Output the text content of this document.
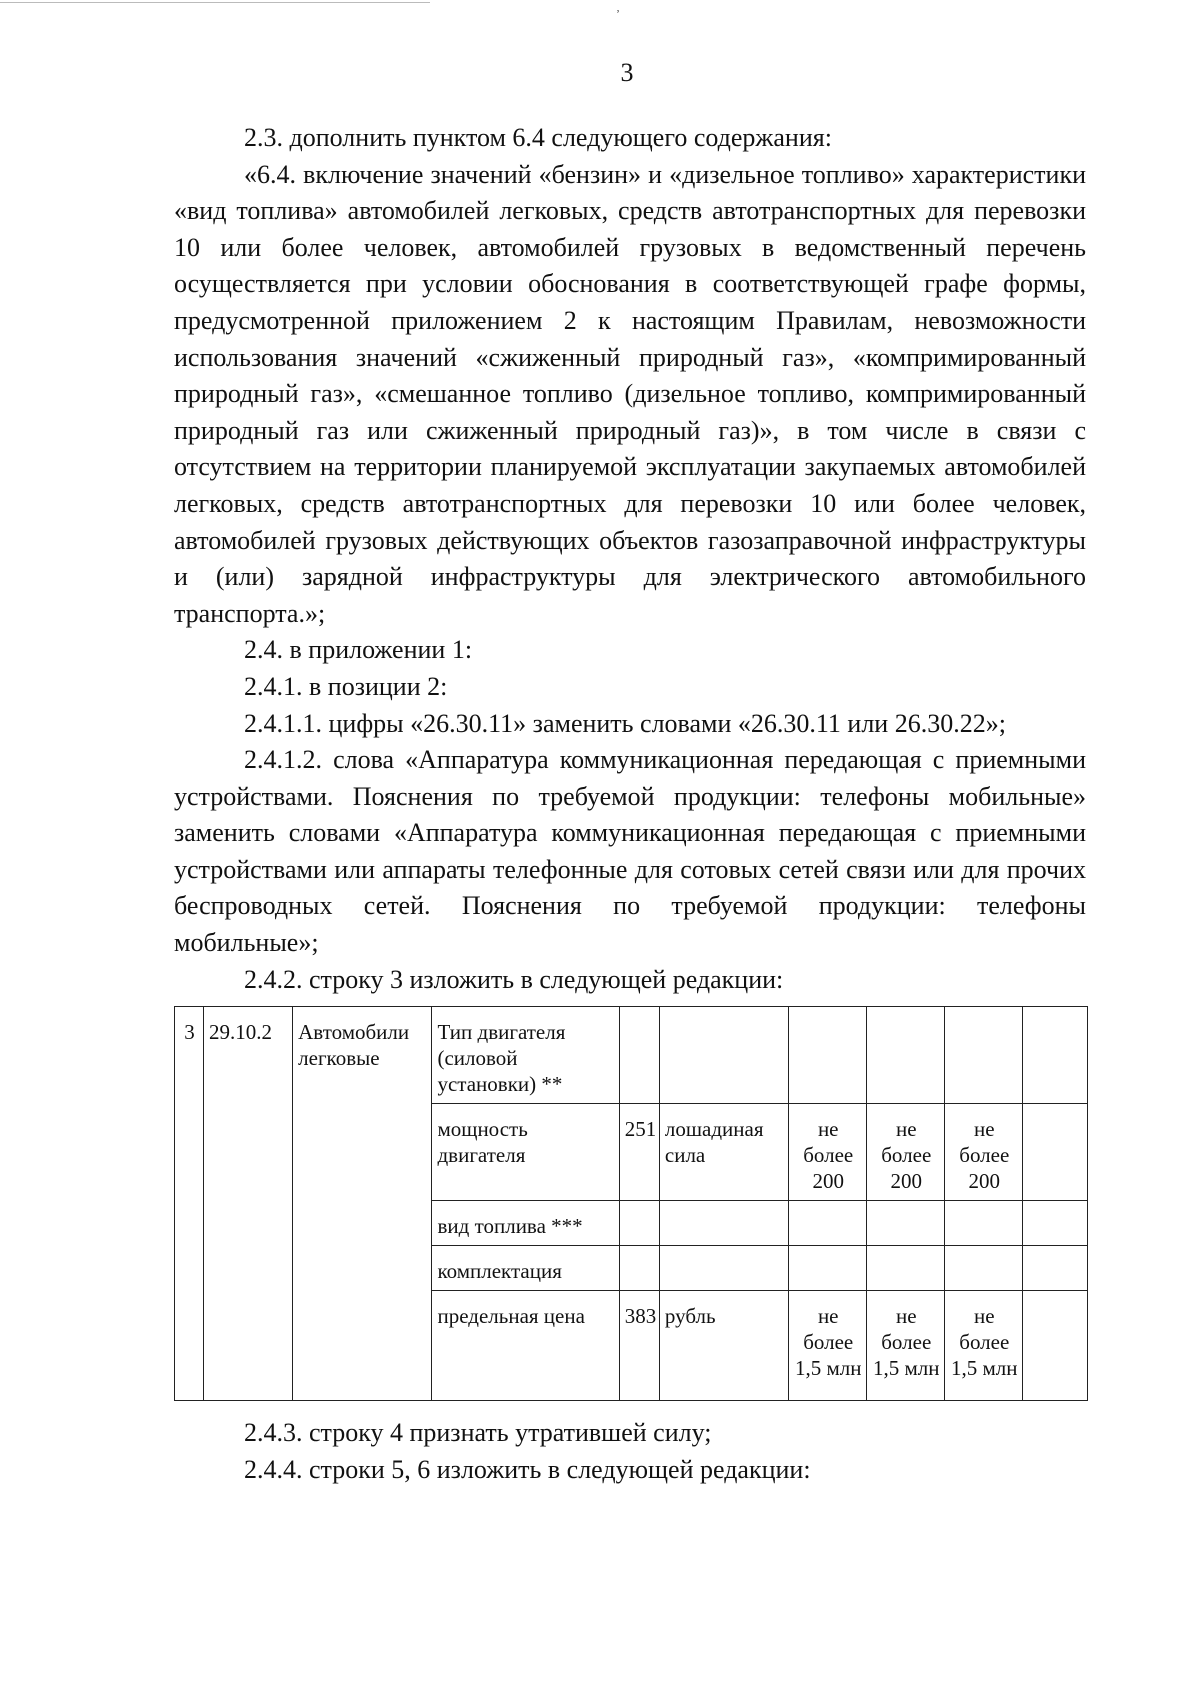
‚
3

2.3. дополнить пунктом 6.4 следующего содержания:

«6.4. включение значений «бензин» и «дизельное топливо» характеристики «вид топлива» автомобилей легковых, средств автотранспортных для перевозки 10 или более человек, автомобилей грузовых в ведомственный перечень осуществляется при условии обоснования в соответствующей графе формы, предусмотренной приложением 2 к настоящим Правилам, невозможности использования значений «сжиженный природный газ», «компримированный природный газ», «смешанное топливо (дизельное топливо, компримированный природный газ или сжиженный природный газ)», в том числе в связи с отсутствием на территории планируемой эксплуатации закупаемых автомобилей легковых, средств автотранспортных для перевозки 10 или более человек, автомобилей грузовых действующих объектов газозаправочной инфраструктуры и (или) зарядной инфраструктуры для электрического автомобильного транспорта.»;

2.4. в приложении 1:

2.4.1. в позиции 2:

2.4.1.1. цифры «26.30.11» заменить словами «26.30.11 или 26.30.22»;

2.4.1.2. слова «Аппаратура коммуникационная передающая с приемными устройствами. Пояснения по требуемой продукции: телефоны мобильные» заменить словами «Аппаратура коммуникационная передающая с приемными устройствами или аппараты телефонные для сотовых сетей связи или для прочих беспроводных сетей. Пояснения по требуемой продукции: телефоны мобильные»;

2.4.2. строку 3 изложить в следующей редакции:

3	29.10.2	Автомобили легковые	Тип двигателя (силовой установки) **						
			мощность двигателя	251	лошадиная сила	не более 200	не более 200	не более 200	
			вид топлива ***						
			комплектация						
			предельная цена	383	рубль	не более 1,5 млн	не более 1,5 млн	не более 1,5 млн	

2.4.3. строку 4 признать утратившей силу;

2.4.4. строки 5, 6 изложить в следующей редакции:
